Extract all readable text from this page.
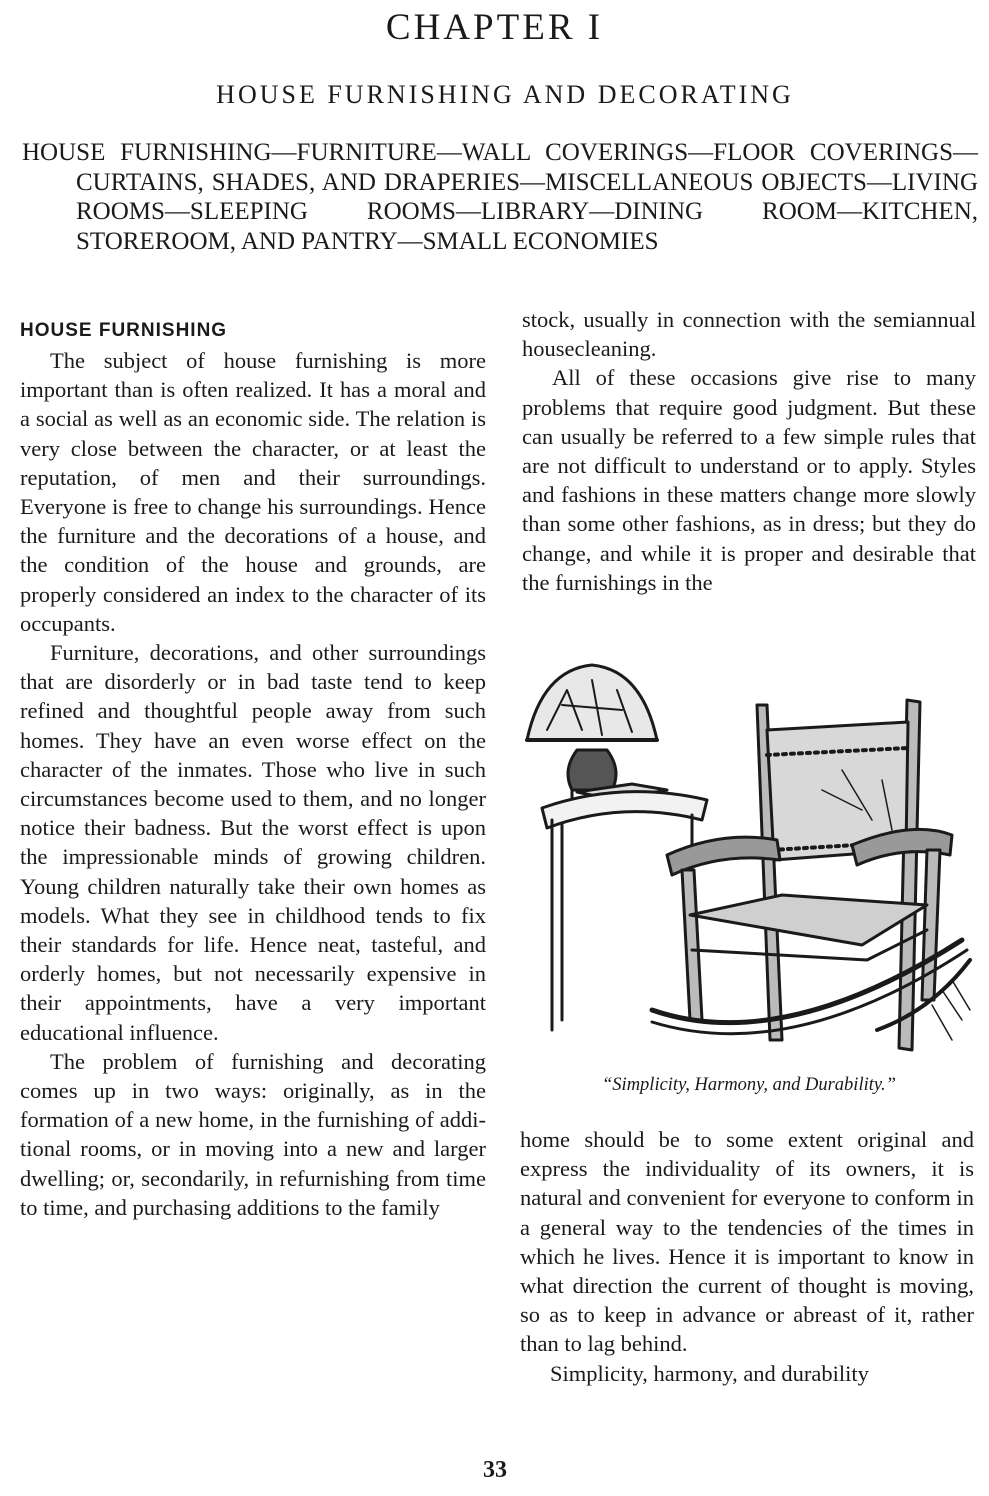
CHAPTER I
HOUSE FURNISHING AND DECORATING
HOUSE FURNISHING—FURNITURE—WALL COVERINGS—FLOOR COVERINGS—CURTAINS, SHADES, AND DRAPERIES—MISCELLANEOUS OBJECTS—LIVING ROOMS—SLEEPING ROOMS—LIBRARY—DINING ROOM—KITCHEN, STOREROOM, AND PANTRY—SMALL ECONOMIES
HOUSE FURNISHING

The subject of house furnishing is more important than is often realized. It has a moral and a social as well as an economic side. The relation is very close between the character, or at least the reputation, of men and their surroundings. Everyone is free to change his surroundings. Hence the furniture and the decorations of a house, and the condition of the house and grounds, are properly considered an index to the character of its occupants.

Furniture, decorations, and other surroundings that are disorderly or in bad taste tend to keep refined and thoughtful people away from such homes. They have an even worse effect on the character of the inmates. Those who live in such circumstances become used to them, and no longer notice their badness. But the worst effect is upon the impressionable minds of growing children. Young children naturally take their own homes as models. What they see in childhood tends to fix their standards for life. Hence neat, tasteful, and orderly homes, but not necessarily expensive in their appointments, have a very important educational influence.

The problem of furnishing and decorating comes up in two ways: originally, as in the formation of a new home, in the furnishing of additional rooms, or in moving into a new and larger dwelling; or, secondarily, in refurnishing from time to time, and purchasing additions to the family

stock, usually in connection with the semiannual housecleaning.

All of these occasions give rise to many problems that require good judgment. But these can usually be referred to a few simple rules that are not difficult to understand or to apply. Styles and fashions in these matters change more slowly than some other fashions, as in dress; but they do change, and while it is proper and desirable that the furnishings in the

“Simplicity, Harmony, and Durability.”

home should be to some extent original and express the individuality of its owners, it is natural and convenient for everyone to conform in a general way to the tendencies of the times in which he lives. Hence it is important to know in what direction the current of thought is moving, so as to keep in advance or abreast of it, rather than to lag behind.

Simplicity, harmony, and durability

33
